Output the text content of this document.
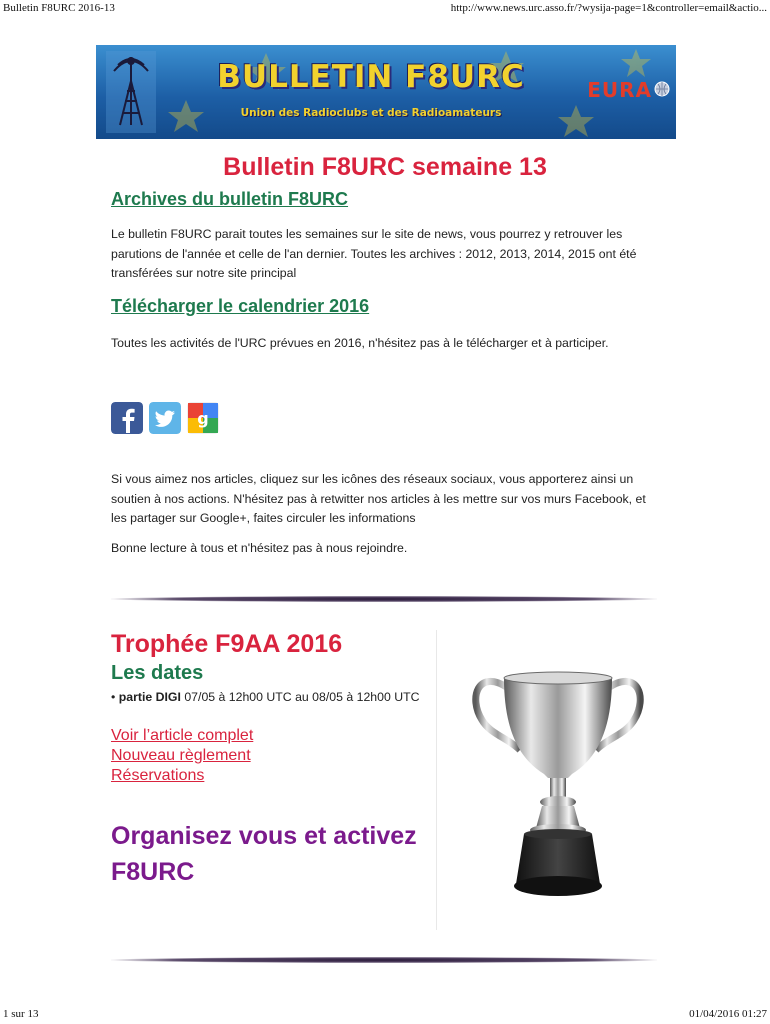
Bulletin F8URC 2016-13	http://www.news.urc.asso.fr/?wysija-page=1&controller=email&actio...
BULLETIN F8URC
Union des Radioclubs et des Radioamateurs
EURA
Bulletin F8URC semaine 13
Archives du bulletin F8URC
Le bulletin F8URC parait toutes les semaines sur le site de news, vous pourrez y retrouver les parutions de l'année et celle de l'an dernier. Toutes les archives : 2012, 2013, 2014, 2015 ont été transférées sur notre site principal
Télécharger le calendrier 2016
Toutes les activités de l'URC prévues en 2016, n'hésitez pas à le télécharger et à participer.
g
Si vous aimez nos articles, cliquez sur les icônes des réseaux sociaux, vous apporterez ainsi un soutien à nos actions. N'hésitez pas à retwitter nos articles à les mettre sur vos murs Facebook, et les partager sur Google+, faites circuler les informations
Bonne lecture à tous et n'hésitez pas à nous rejoindre.
Trophée F9AA 2016
Les dates
• partie DIGI 07/05 à 12h00 UTC au 08/05 à 12h00 UTC
Voir l’article complet
Nouveau règlement
Réservations
Organisez vous et activez F8URC
1 sur 13	01/04/2016 01:27
